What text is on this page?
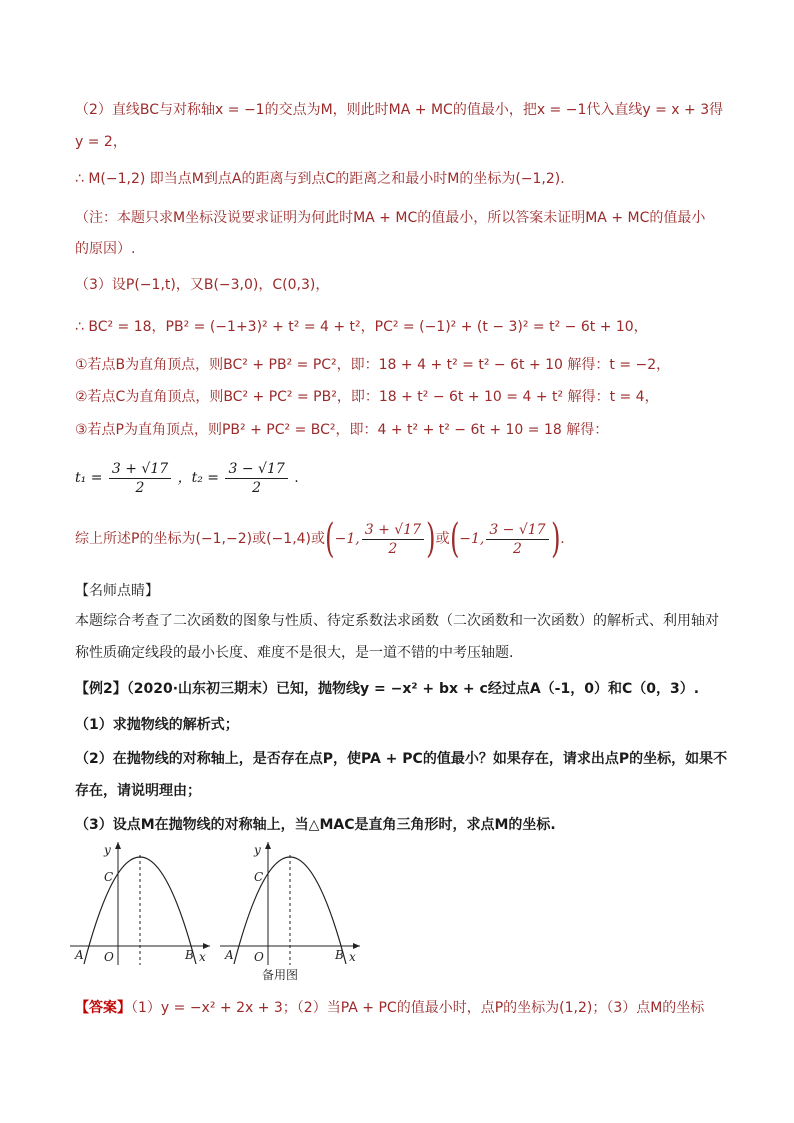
（2）直线BC与对称轴x = −1的交点为M，则此时MA + MC的值最小，把x = −1代入直线y = x + 3得
y = 2，
∴ M(−1,2) 即当点M到点A的距离与到点C的距离之和最小时M的坐标为(−1,2).
（注：本题只求M坐标没说要求证明为何此时MA + MC的值最小，所以答案未证明MA + MC的值最小
的原因）.
（3）设P(−1,t)，又B(−3,0)，C(0,3)，
∴ BC² = 18，PB² = (−1+3)² + t² = 4 + t²，PC² = (−1)² + (t − 3)² = t² − 6t + 10，
①若点B为直角顶点，则BC² + PB² = PC²，即：18 + 4 + t² = t² − 6t + 10 解得：t = −2，
②若点C为直角顶点，则BC² + PC² = PB²，即：18 + t² − 6t + 10 = 4 + t² 解得：t = 4，
③若点P为直角顶点，则PB² + PC² = BC²，即：4 + t² + t² − 6t + 10 = 18 解得：
$t_1 = \frac{3 + √17}{2}$ ，$t_2 = \frac{3 - √17}{2}$ .
综上所述P的坐标为(−1,−2)或(−1,4)或(−1, $\frac{3 + √17}{2}$ )或(−1, $\frac{3 - √17}{2}$ ).
【名师点睛】
本题综合考查了二次函数的图象与性质、待定系数法求函数（二次函数和一次函数）的解析式、利用轴对
称性质确定线段的最小长度、难度不是很大，是一道不错的中考压轴题.
【例2】（2020·山东初三期末）已知，抛物线y = −x² + bx + c经过点A（-1，0）和C（0，3）.
（1）求抛物线的解析式；
（2）在抛物线的对称轴上，是否存在点P，使PA + PC的值最小？如果存在，请求出点P的坐标，如果不
存在，请说明理由；
（3）设点M在抛物线的对称轴上，当△MAC是直角三角形时，求点M的坐标.
y
C
A O	B x
y
C
A O	B x
备用图
【答案】（1）y = −x² + 2x + 3；（2）当PA + PC的值最小时，点P的坐标为(1,2)；（3）点M的坐标
